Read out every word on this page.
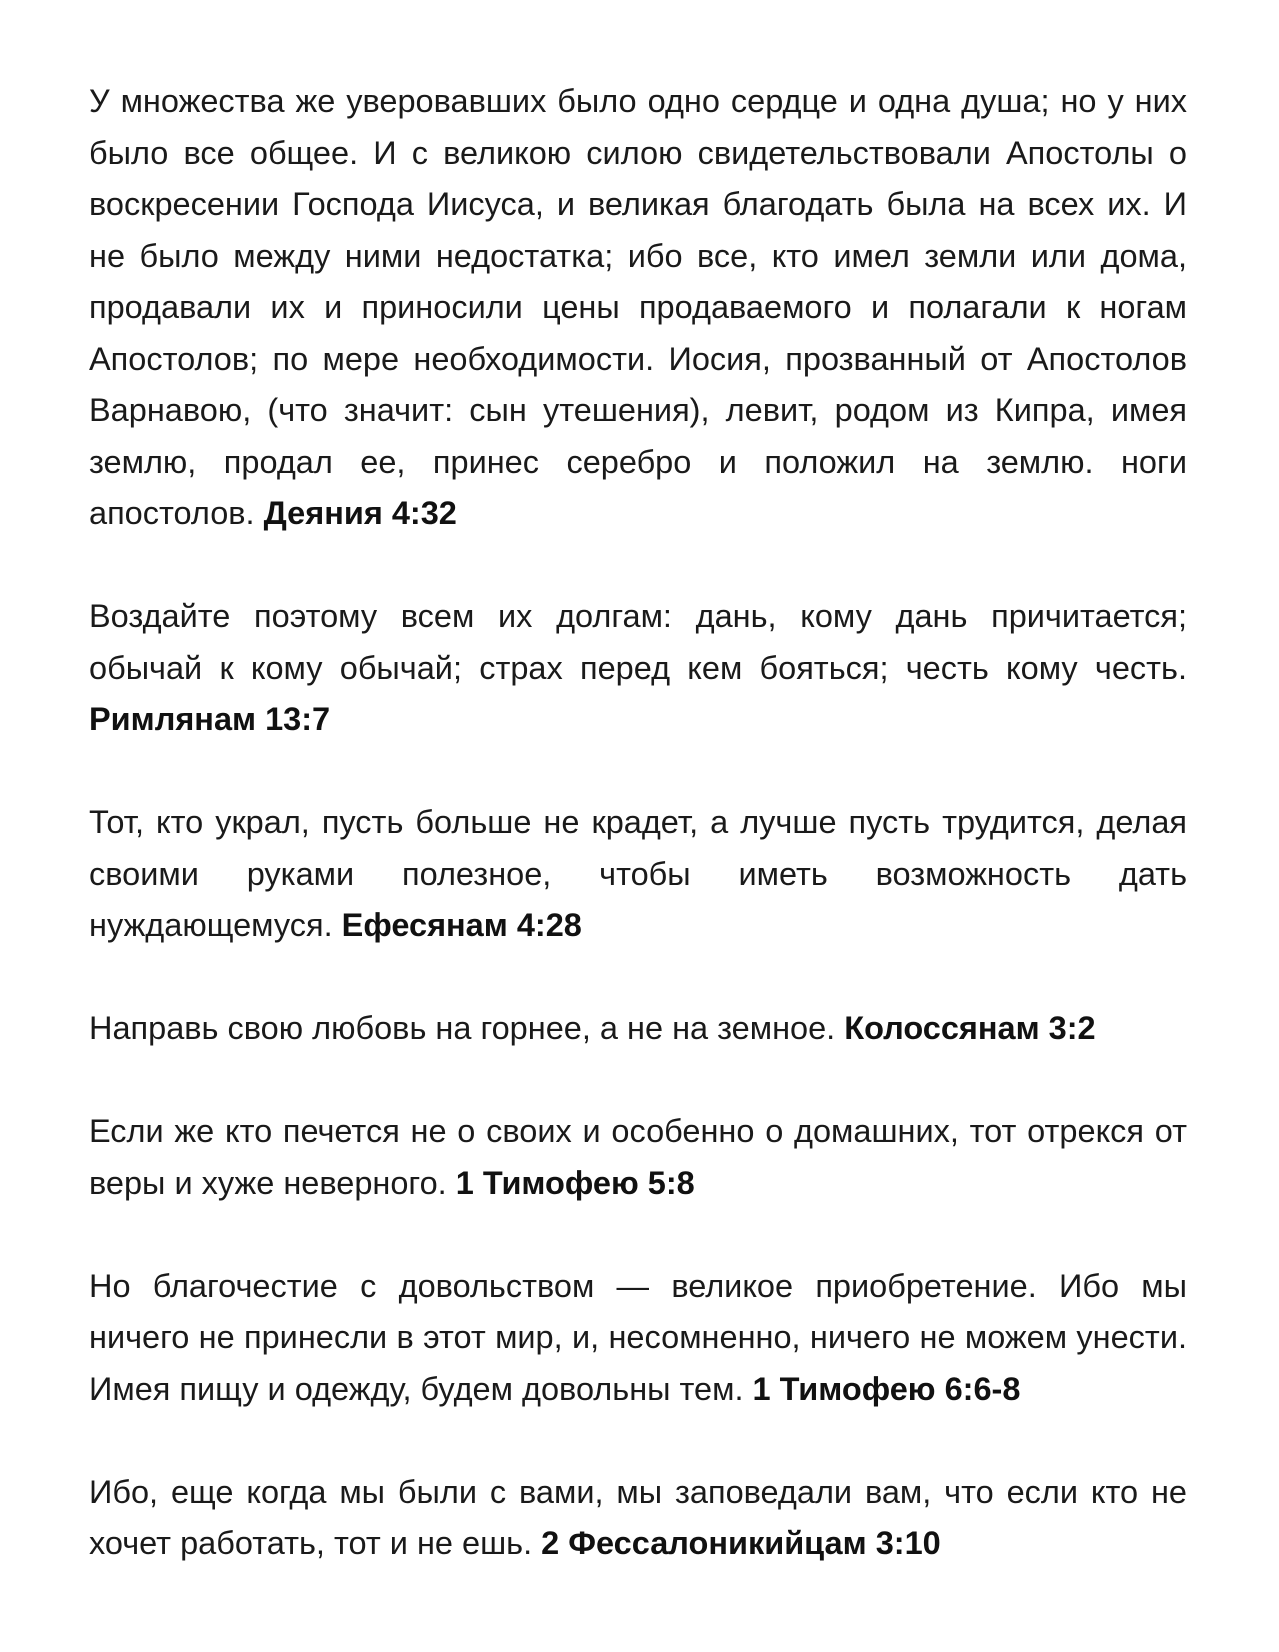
У множества же уверовавших было одно сердце и одна душа; но у них было все общее. И с великою силою свидетельствовали Апостолы о воскресении Господа Иисуса, и великая благодать была на всех их. И не было между ними недостатка; ибо все, кто имел земли или дома, продавали их и приносили цены продаваемого и полагали к ногам Апостолов; по мере необходимости. Иосия, прозванный от Апостолов Варнавою, (что значит: сын утешения), левит, родом из Кипра, имея землю, продал ее, принес серебро и положил на землю. ноги апостолов. Деяния 4:32

Воздайте поэтому всем их долгам: дань, кому дань причитается; обычай к кому обычай; страх перед кем бояться; честь кому честь. Римлянам 13:7

Тот, кто украл, пусть больше не крадет, а лучше пусть трудится, делая своими руками полезное, чтобы иметь возможность дать нуждающемуся. Ефесянам 4:28

Направь свою любовь на горнее, а не на земное. Колоссянам 3:2

Если же кто печется не о своих и особенно о домашних, тот отрекся от веры и хуже неверного. 1 Тимофею 5:8

Но благочестие с довольством — великое приобретение. Ибо мы ничего не принесли в этот мир, и, несомненно, ничего не можем унести. Имея пищу и одежду, будем довольны тем. 1 Тимофею 6:6-8

Ибо, еще когда мы были с вами, мы заповедали вам, что если кто не хочет работать, тот и не ешь. 2 Фессалоникийцам 3:10
